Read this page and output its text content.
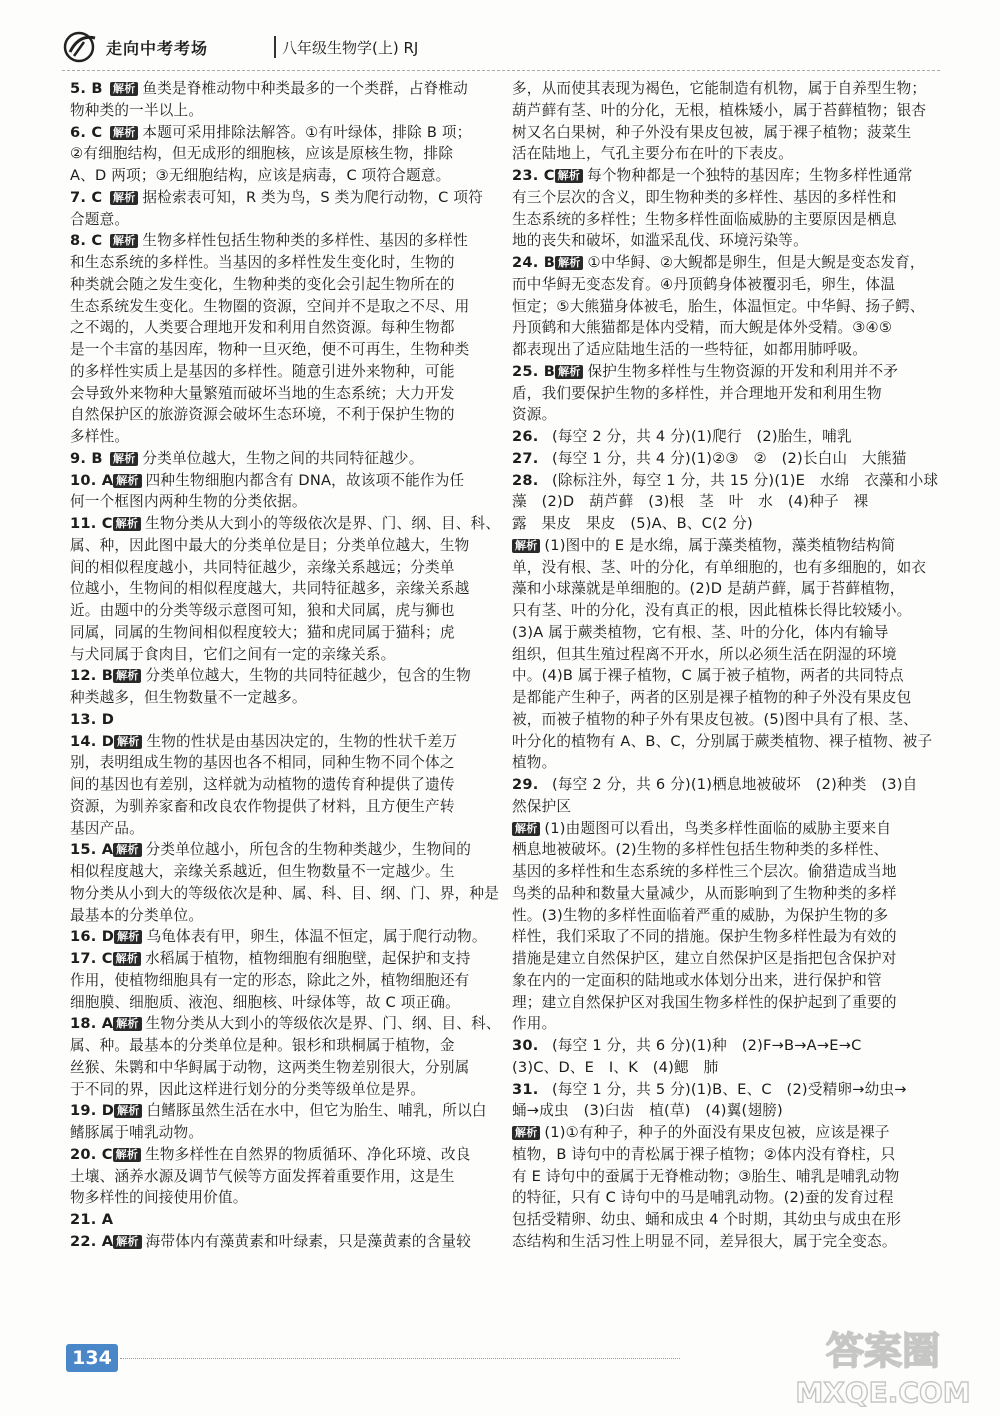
走向中考考场	八年级生物学(上) RJ
5. B 解析 鱼类是脊椎动物中种类最多的一个类群，占脊椎动
物种类的一半以上。
6. C 解析 本题可采用排除法解答。①有叶绿体，排除 B 项；
②有细胞结构，但无成形的细胞核，应该是原核生物，排除
A、D 两项；③无细胞结构，应该是病毒，C 项符合题意。
7. C 解析 据检索表可知，R 类为鸟，S 类为爬行动物，C 项符
合题意。
8. C 解析 生物多样性包括生物种类的多样性、基因的多样性
和生态系统的多样性。当基因的多样性发生变化时，生物的
种类就会随之发生变化，生物种类的变化会引起生物所在的
生态系统发生变化。生物圈的资源，空间并不是取之不尽、用
之不竭的，人类要合理地开发和利用自然资源。每种生物都
是一个丰富的基因库，物种一旦灭绝，便不可再生，生物种类
的多样性实质上是基因的多样性。随意引进外来物种，可能
会导致外来物种大量繁殖而破坏当地的生态系统；大力开发
自然保护区的旅游资源会破坏生态环境，不利于保护生物的
多样性。
9. B 解析 分类单位越大，生物之间的共同特征越少。
10. A 解析 四种生物细胞内都含有 DNA，故该项不能作为任
何一个框图内两种生物的分类依据。
11. C 解析 生物分类从大到小的等级依次是界、门、纲、目、科、
属、种，因此图中最大的分类单位是目；分类单位越大，生物
间的相似程度越小，共同特征越少，亲缘关系越远；分类单
位越小，生物间的相似程度越大，共同特征越多，亲缘关系越
近。由题中的分类等级示意图可知，狼和犬同属，虎与狮也
同属，同属的生物间相似程度较大；猫和虎同属于猫科；虎
与犬同属于食肉目，它们之间有一定的亲缘关系。
12. B 解析 分类单位越大，生物的共同特征越少，包含的生物
种类越多，但生物数量不一定越多。
13. D
14. D 解析 生物的性状是由基因决定的，生物的性状千差万
别，表明组成生物的基因也各不相同，同种生物不同个体之
间的基因也有差别，这样就为动植物的遗传育种提供了遗传
资源，为驯养家畜和改良农作物提供了材料，且方便生产转
基因产品。
15. A 解析 分类单位越小，所包含的生物种类越少，生物间的
相似程度越大，亲缘关系越近，但生物数量不一定越少。生
物分类从小到大的等级依次是种、属、科、目、纲、门、界，种是
最基本的分类单位。
16. D 解析 乌龟体表有甲，卵生，体温不恒定，属于爬行动物。
17. C 解析 水稻属于植物，植物细胞有细胞壁，起保护和支持
作用，使植物细胞具有一定的形态，除此之外，植物细胞还有
细胞膜、细胞质、液泡、细胞核、叶绿体等，故 C 项正确。
18. A 解析 生物分类从大到小的等级依次是界、门、纲、目、科、
属、种。最基本的分类单位是种。银杉和珙桐属于植物，金
丝猴、朱鹮和中华鲟属于动物，这两类生物差别很大，分别属
于不同的界，因此这样进行划分的分类等级单位是界。
19. D 解析 白鳍豚虽然生活在水中，但它为胎生、哺乳，所以白
鳍豚属于哺乳动物。
20. C 解析 生物多样性在自然界的物质循环、净化环境、改良
土壤、涵养水源及调节气候等方面发挥着重要作用，这是生
物多样性的间接使用价值。
21. A
22. A 解析 海带体内有藻黄素和叶绿素，只是藻黄素的含量较
多，从而使其表现为褐色，它能制造有机物，属于自养型生物；
葫芦藓有茎、叶的分化，无根，植株矮小，属于苔藓植物；银杏
树又名白果树，种子外没有果皮包被，属于裸子植物；菠菜生
活在陆地上，气孔主要分布在叶的下表皮。
23. C 解析 每个物种都是一个独特的基因库；生物多样性通常
有三个层次的含义，即生物种类的多样性、基因的多样性和
生态系统的多样性；生物多样性面临威胁的主要原因是栖息
地的丧失和破坏，如滥采乱伐、环境污染等。
24. B 解析 ①中华鲟、②大鲵都是卵生，但是大鲵是变态发育，
而中华鲟无变态发育。④丹顶鹤身体被覆羽毛，卵生，体温
恒定；⑤大熊猫身体被毛，胎生，体温恒定。中华鲟、扬子鳄、
丹顶鹤和大熊猫都是体内受精，而大鲵是体外受精。③④⑤
都表现出了适应陆地生活的一些特征，如都用肺呼吸。
25. B 解析 保护生物多样性与生物资源的开发和利用并不矛
盾，我们要保护生物的多样性，并合理地开发和利用生物
资源。
26. (每空 2 分，共 4 分)(1)爬行　(2)胎生，哺乳
27. (每空 1 分，共 4 分)(1)②③　②　(2)长白山　大熊猫
28. (除标注外，每空 1 分，共 15 分)(1)E　水绵　衣藻和小球
藻　(2)D　葫芦藓　(3)根　茎　叶　水　(4)种子　裸
露　果皮　果皮　(5)A、B、C(2 分)
解析 (1)图中的 E 是水绵，属于藻类植物，藻类植物结构简
单，没有根、茎、叶的分化，有单细胞的，也有多细胞的，如衣
藻和小球藻就是单细胞的。(2)D 是葫芦藓，属于苔藓植物，
只有茎、叶的分化，没有真正的根，因此植株长得比较矮小。
(3)A 属于蕨类植物，它有根、茎、叶的分化，体内有输导
组织，但其生殖过程离不开水，所以必须生活在阴湿的环境
中。(4)B 属于裸子植物，C 属于被子植物，两者的共同特点
是都能产生种子，两者的区别是裸子植物的种子外没有果皮包
被，而被子植物的种子外有果皮包被。(5)图中具有了根、茎、
叶分化的植物有 A、B、C，分别属于蕨类植物、裸子植物、被子
植物。
29. (每空 2 分，共 6 分)(1)栖息地被破坏　(2)种类　(3)自
然保护区
解析 (1)由题图可以看出，鸟类多样性面临的威胁主要来自
栖息地被破坏。(2)生物的多样性包括生物种类的多样性、
基因的多样性和生态系统的多样性三个层次。偷猎造成当地
鸟类的品种和数量大量减少，从而影响到了生物种类的多样
性。(3)生物的多样性面临着严重的威胁，为保护生物的多
样性，我们采取了不同的措施。保护生物多样性最为有效的
措施是建立自然保护区，建立自然保护区是指把包含保护对
象在内的一定面积的陆地或水体划分出来，进行保护和管
理；建立自然保护区对我国生物多样性的保护起到了重要的
作用。
30. (每空 1 分，共 6 分)(1)种　(2)F→B→A→E→C
(3)C、D、E　I、K　(4)鳃　肺
31. (每空 1 分，共 5 分)(1)B、E、C　(2)受精卵→幼虫→
蛹→成虫　(3)臼齿　植(草)　(4)翼(翅膀)
解析 (1)①有种子，种子的外面没有果皮包被，应该是裸子
植物，B 诗句中的青松属于裸子植物；②体内没有脊柱，只
有 E 诗句中的蚕属于无脊椎动物；③胎生、哺乳是哺乳动物
的特征，只有 C 诗句中的马是哺乳动物。(2)蚕的发育过程
包括受精卵、幼虫、蛹和成虫 4 个时期，其幼虫与成虫在形
态结构和生活习性上明显不同，差异很大，属于完全变态。
134	答案圈
MXQE.COM
